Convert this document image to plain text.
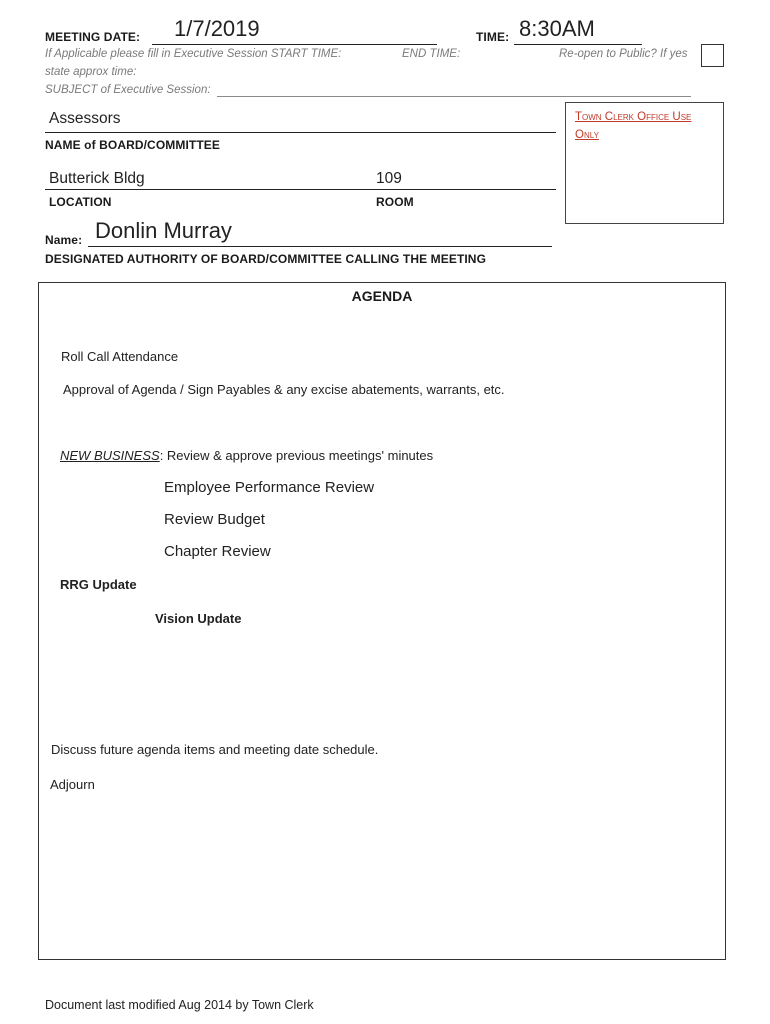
MEETING DATE: 1/7/2019	TIME: 8:30AM
If Applicable please fill in Executive Session START TIME:	END TIME:	Re-open to Public? If yes
state approx time:
SUBJECT of Executive Session:
Assessors
NAME of BOARD/COMMITTEE
Butterick Bldg	109
LOCATION	ROOM
Name: Donlin Murray
DESIGNATED AUTHORITY OF BOARD/COMMITTEE CALLING THE MEETING
Town Clerk Office Use
Only
AGENDA
Roll Call Attendance
Approval of Agenda / Sign Payables & any excise abatements, warrants, etc.
NEW BUSINESS: Review & approve previous meetings' minutes
Employee Performance Review
Review Budget
Chapter Review
RRG Update
Vision Update
Discuss future agenda items and meeting date schedule.
Adjourn
Document last modified Aug 2014 by Town Clerk
